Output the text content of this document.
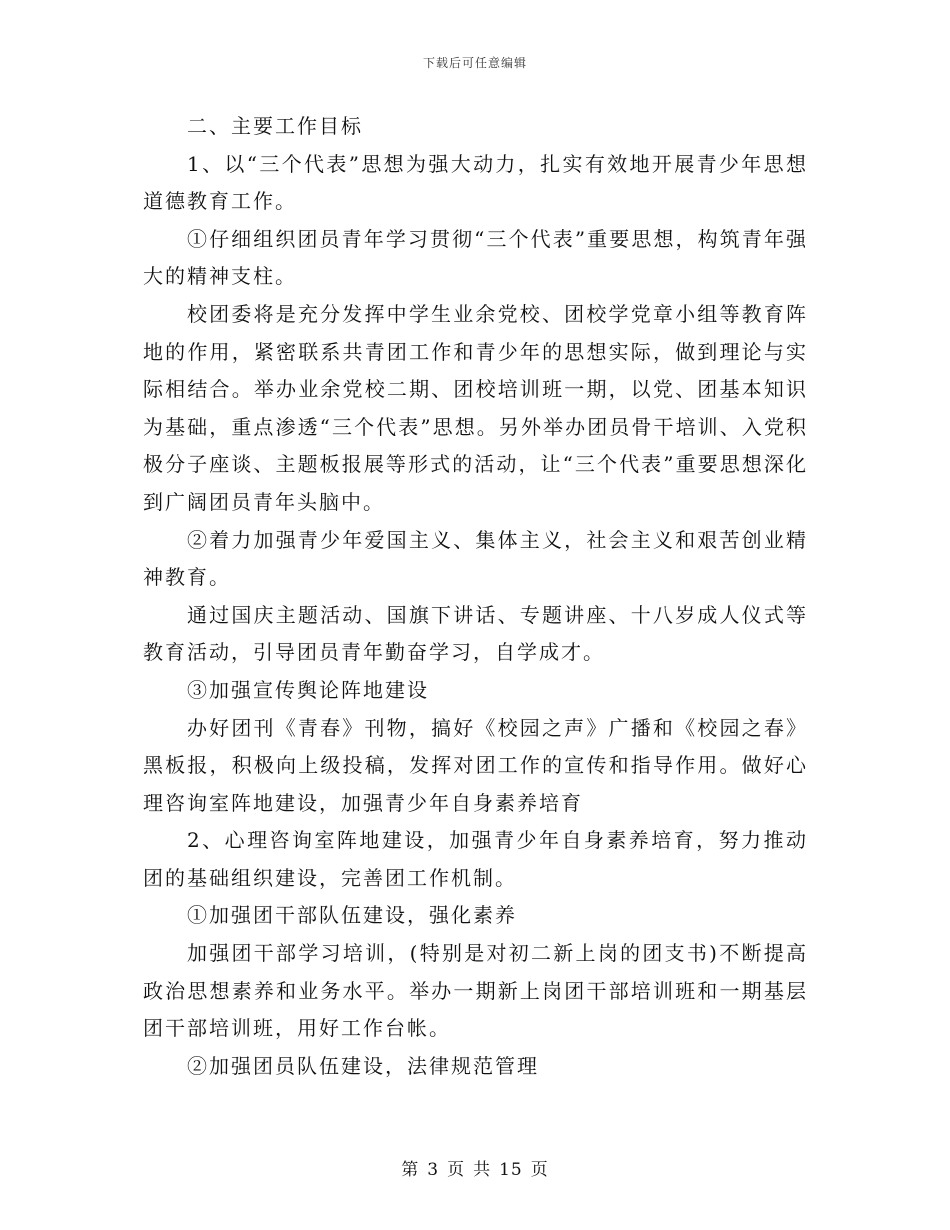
下载后可任意编辑

二、主要工作目标

1、以“三个代表”思想为强大动力，扎实有效地开展青少年思想道德教育工作。

①仔细组织团员青年学习贯彻“三个代表”重要思想，构筑青年强大的精神支柱。

校团委将是充分发挥中学生业余党校、团校学党章小组等教育阵地的作用，紧密联系共青团工作和青少年的思想实际，做到理论与实际相结合。举办业余党校二期、团校培训班一期，以党、团基本知识为基础，重点渗透“三个代表”思想。另外举办团员骨干培训、入党积极分子座谈、主题板报展等形式的活动，让“三个代表”重要思想深化到广阔团员青年头脑中。

②着力加强青少年爱国主义、集体主义，社会主义和艰苦创业精神教育。

通过国庆主题活动、国旗下讲话、专题讲座、十八岁成人仪式等教育活动，引导团员青年勤奋学习，自学成才。

③加强宣传舆论阵地建设

办好团刊《青春》刊物，搞好《校园之声》广播和《校园之春》黑板报，积极向上级投稿，发挥对团工作的宣传和指导作用。做好心理咨询室阵地建设，加强青少年自身素养培育

2、心理咨询室阵地建设，加强青少年自身素养培育，努力推动团的基础组织建设，完善团工作机制。

①加强团干部队伍建设，强化素养

加强团干部学习培训，(特别是对初二新上岗的团支书)不断提高政治思想素养和业务水平。举办一期新上岗团干部培训班和一期基层团干部培训班，用好工作台帐。

②加强团员队伍建设，法律规范管理

第 3 页 共 15 页
